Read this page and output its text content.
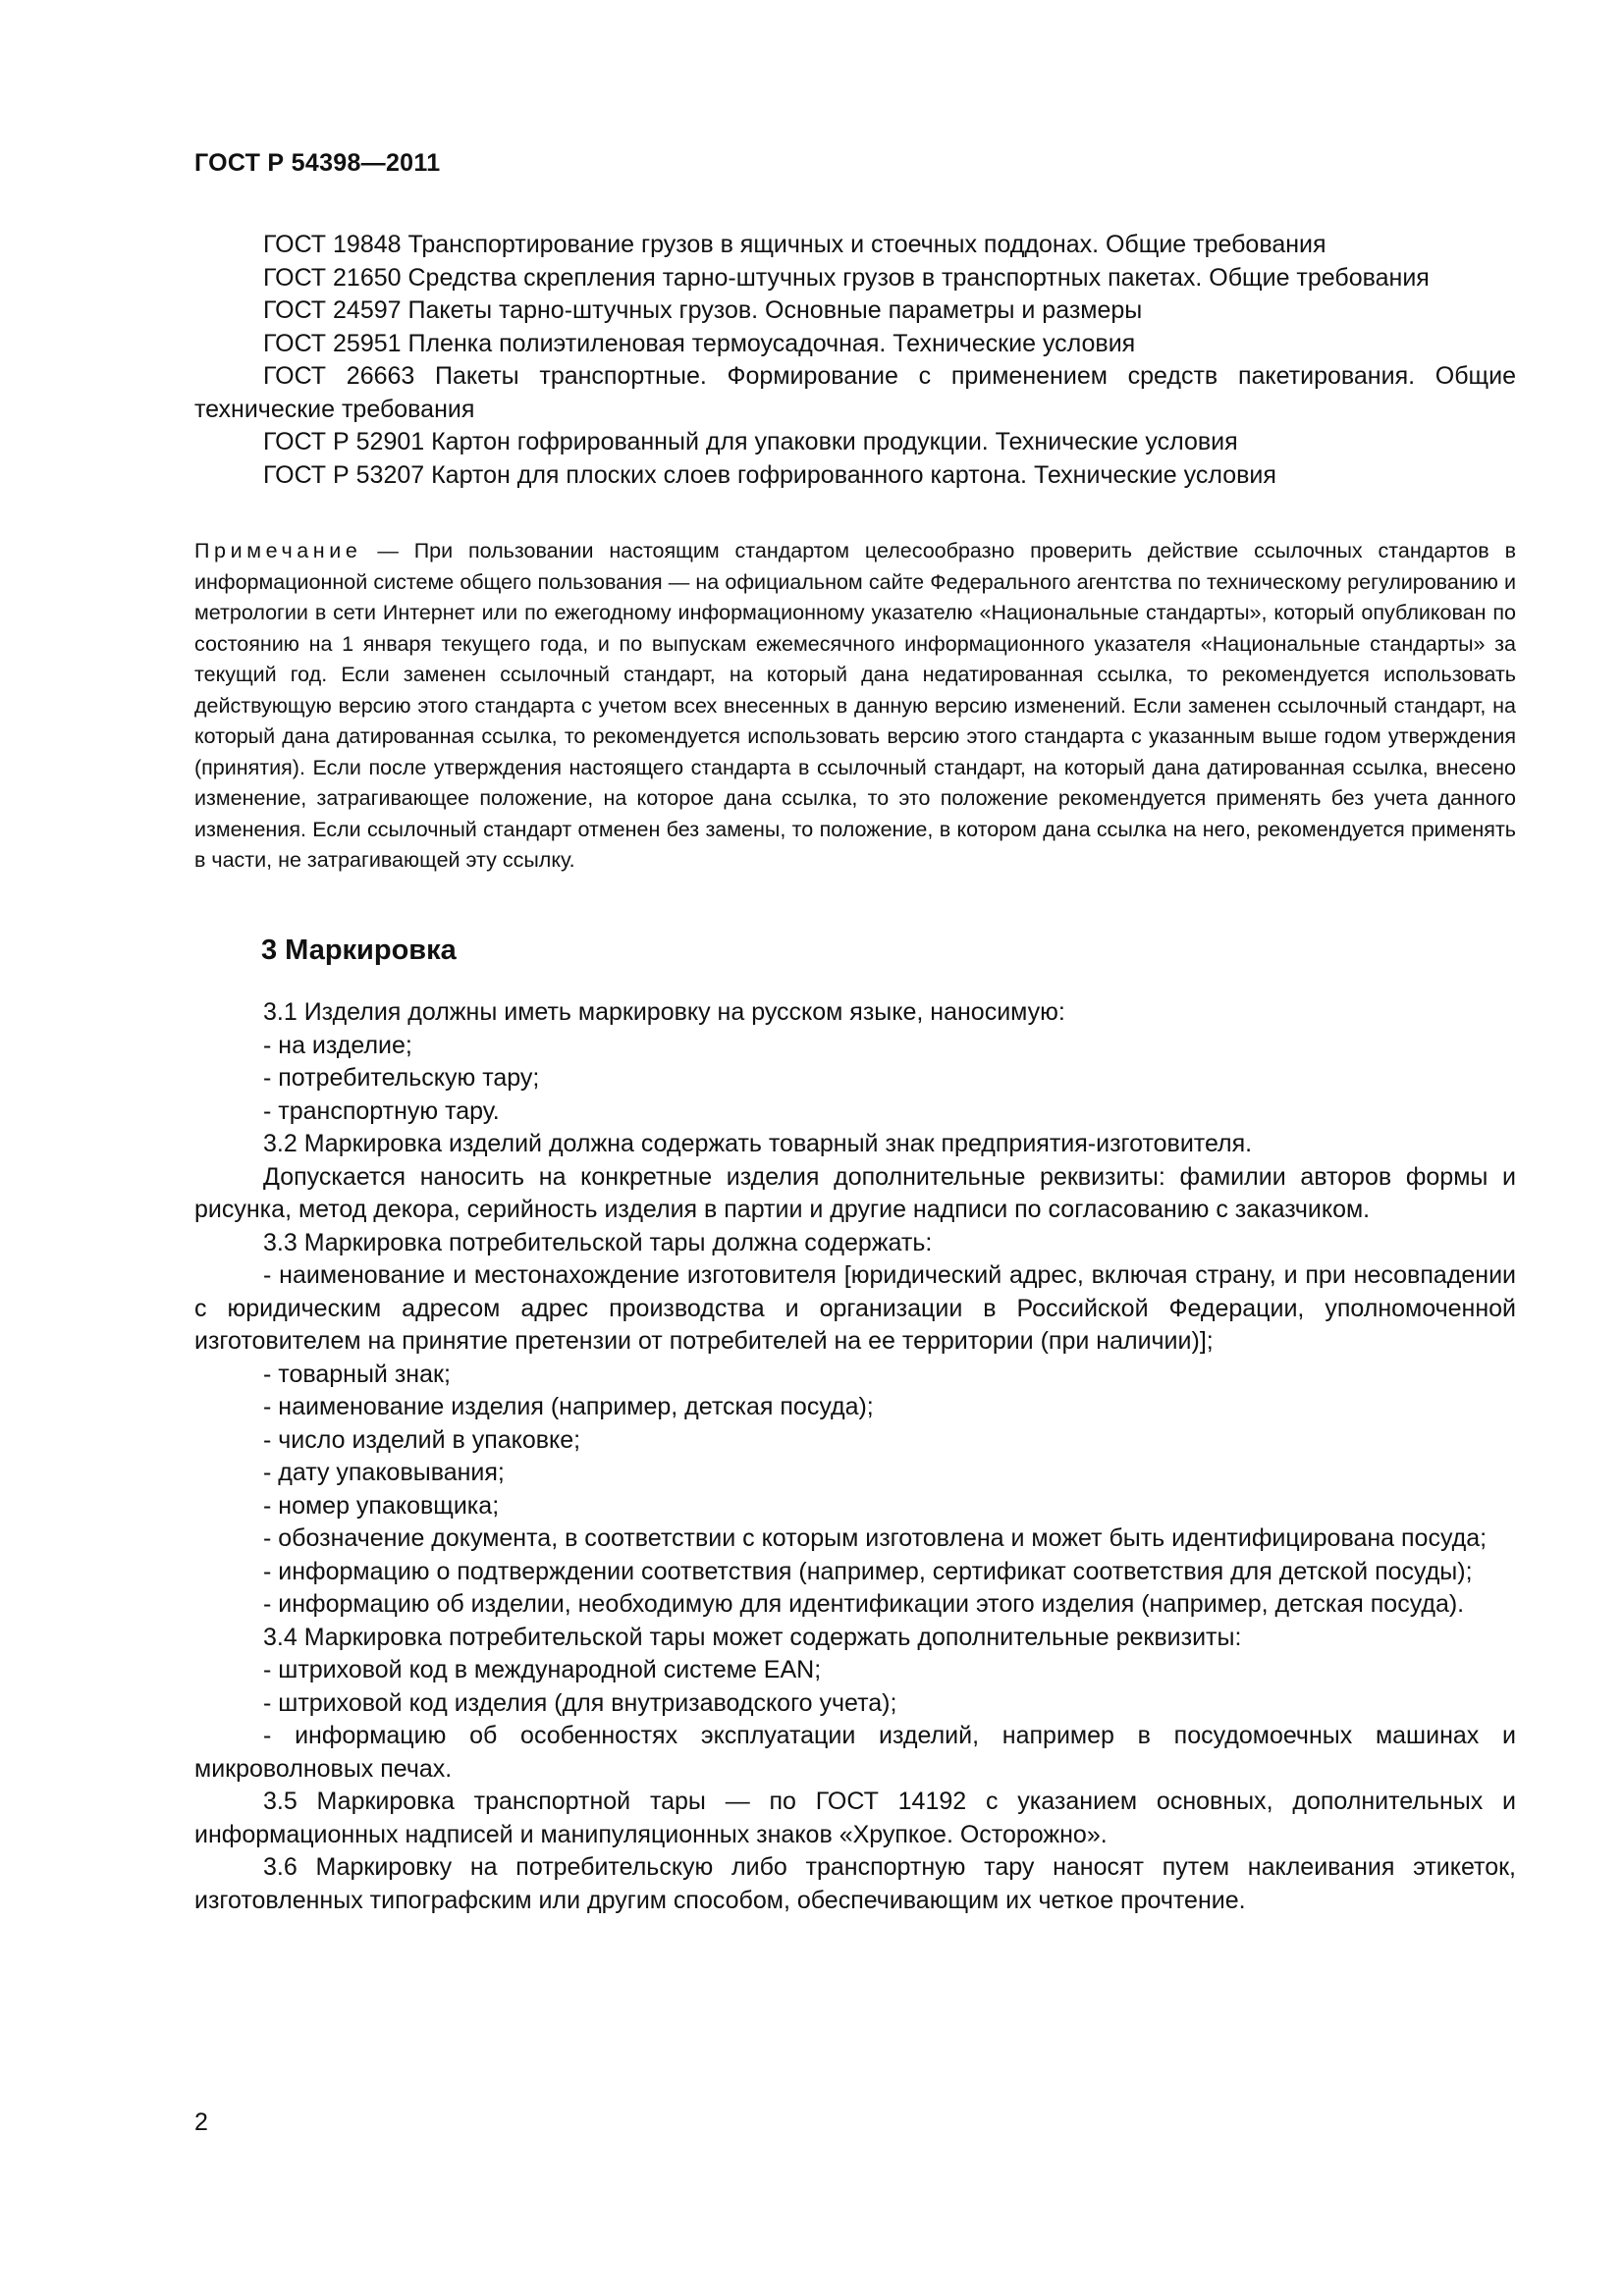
ГОСТ Р 54398—2011

ГОСТ 19848 Транспортирование грузов в ящичных и стоечных поддонах. Общие требования

ГОСТ 21650 Средства скрепления тарно-штучных грузов в транспортных пакетах. Общие требования

ГОСТ 24597 Пакеты тарно-штучных грузов. Основные параметры и размеры

ГОСТ 25951 Пленка полиэтиленовая термоусадочная. Технические условия

ГОСТ 26663 Пакеты транспортные. Формирование с применением средств пакетирования. Общие технические требования

ГОСТ Р 52901 Картон гофрированный для упаковки продукции. Технические условия

ГОСТ Р 53207 Картон для плоских слоев гофрированного картона. Технические условия

Примечание — При пользовании настоящим стандартом целесообразно проверить действие ссылочных стандартов в информационной системе общего пользования — на официальном сайте Федерального агентства по техническому регулированию и метрологии в сети Интернет или по ежегодному информационному указателю «Национальные стандарты», который опубликован по состоянию на 1 января текущего года, и по выпускам ежемесячного информационного указателя «Национальные стандарты» за текущий год. Если заменен ссылочный стандарт, на который дана недатированная ссылка, то рекомендуется использовать действующую версию этого стандарта с учетом всех внесенных в данную версию изменений. Если заменен ссылочный стандарт, на который дана датированная ссылка, то рекомендуется использовать версию этого стандарта с указанным выше годом утверждения (принятия). Если после утверждения настоящего стандарта в ссылочный стандарт, на который дана датированная ссылка, внесено изменение, затрагивающее положение, на которое дана ссылка, то это положение рекомендуется применять без учета данного изменения. Если ссылочный стандарт отменен без замены, то положение, в котором дана ссылка на него, рекомендуется применять в части, не затрагивающей эту ссылку.
3 Маркировка

3.1 Изделия должны иметь маркировку на русском языке, наносимую:

- на изделие;

- потребительскую тару;

- транспортную тару.

3.2 Маркировка изделий должна содержать товарный знак предприятия-изготовителя.

Допускается наносить на конкретные изделия дополнительные реквизиты: фамилии авторов формы и рисунка, метод декора, серийность изделия в партии и другие надписи по согласованию с заказчиком.

3.3 Маркировка потребительской тары должна содержать:

- наименование и местонахождение изготовителя [юридический адрес, включая страну, и при несовпадении с юридическим адресом адрес производства и организации в Российской Федерации, уполномоченной изготовителем на принятие претензии от потребителей на ее территории (при наличии)];

- товарный знак;

- наименование изделия (например, детская посуда);

- число изделий в упаковке;

- дату упаковывания;

- номер упаковщика;

- обозначение документа, в соответствии с которым изготовлена и может быть идентифицирована посуда;

- информацию о подтверждении соответствия (например, сертификат соответствия для детской посуды);

- информацию об изделии, необходимую для идентификации этого изделия (например, детская посуда).

3.4 Маркировка потребительской тары может содержать дополнительные реквизиты:

- штриховой код в международной системе EAN;

- штриховой код изделия (для внутризаводского учета);

- информацию об особенностях эксплуатации изделий, например в посудомоечных машинах и микроволновых печах.

3.5 Маркировка транспортной тары — по ГОСТ 14192 с указанием основных, дополнительных и информационных надписей и манипуляционных знаков «Хрупкое. Осторожно».

3.6 Маркировку на потребительскую либо транспортную тару наносят путем наклеивания этикеток, изготовленных типографским или другим способом, обеспечивающим их четкое прочтение.

2
